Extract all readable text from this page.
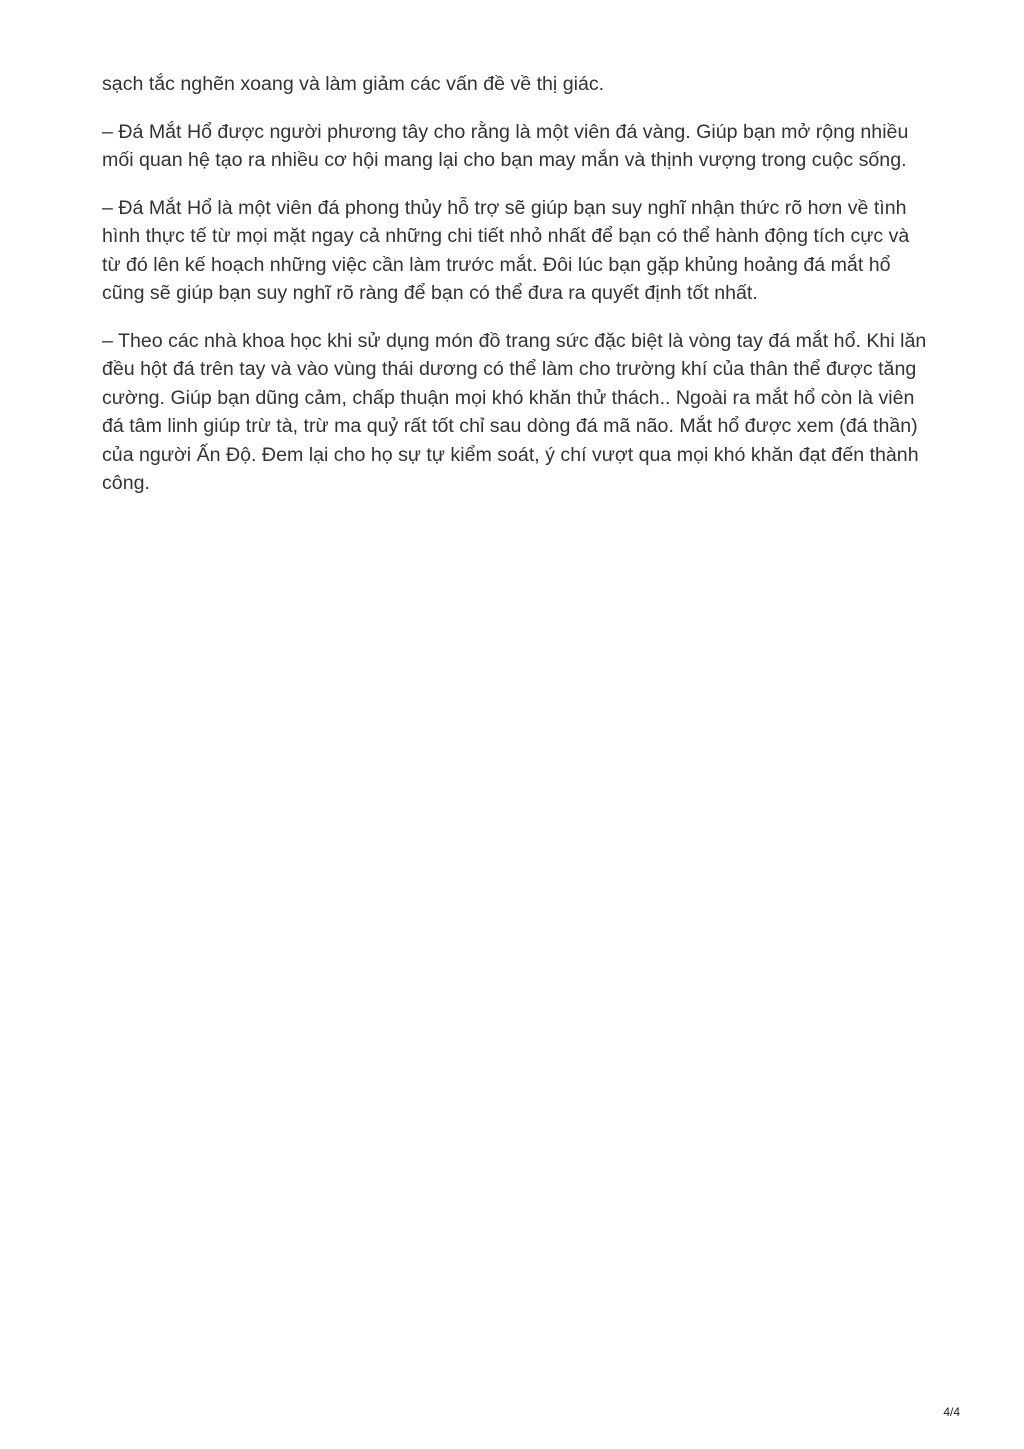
sạch tắc nghẽn xoang và làm giảm các vấn đề về thị giác.

– Đá Mắt Hổ được người phương tây cho rằng là một viên đá vàng. Giúp bạn mở rộng nhiều mối quan hệ tạo ra nhiều cơ hội mang lại cho bạn may mắn và thịnh vượng trong cuộc sống.

– Đá Mắt Hổ là một viên đá phong thủy hỗ trợ sẽ giúp bạn suy nghĩ nhận thức rõ hơn về tình hình thực tế từ mọi mặt ngay cả những chi tiết nhỏ nhất để bạn có thể hành động tích cực và từ đó lên kế hoạch những việc cần làm trước mắt. Đôi lúc bạn gặp khủng hoảng đá mắt hổ cũng sẽ giúp bạn suy nghĩ rõ ràng để bạn có thể đưa ra quyết định tốt nhất.

– Theo các nhà khoa học khi sử dụng món đồ trang sức đặc biệt là vòng tay đá mắt hổ. Khi lăn đều hột đá trên tay và vào vùng thái dương có thể làm cho trường khí của thân thể được tăng cường. Giúp bạn dũng cảm, chấp thuận mọi khó khăn thử thách.. Ngoài ra mắt hổ còn là viên đá tâm linh giúp trừ tà, trừ ma quỷ rất tốt chỉ sau dòng đá mã não. Mắt hổ được xem (đá thần) của người Ấn Độ. Đem lại cho họ sự tự kiểm soát, ý chí vượt qua mọi khó khăn đạt đến thành công.

4/4
